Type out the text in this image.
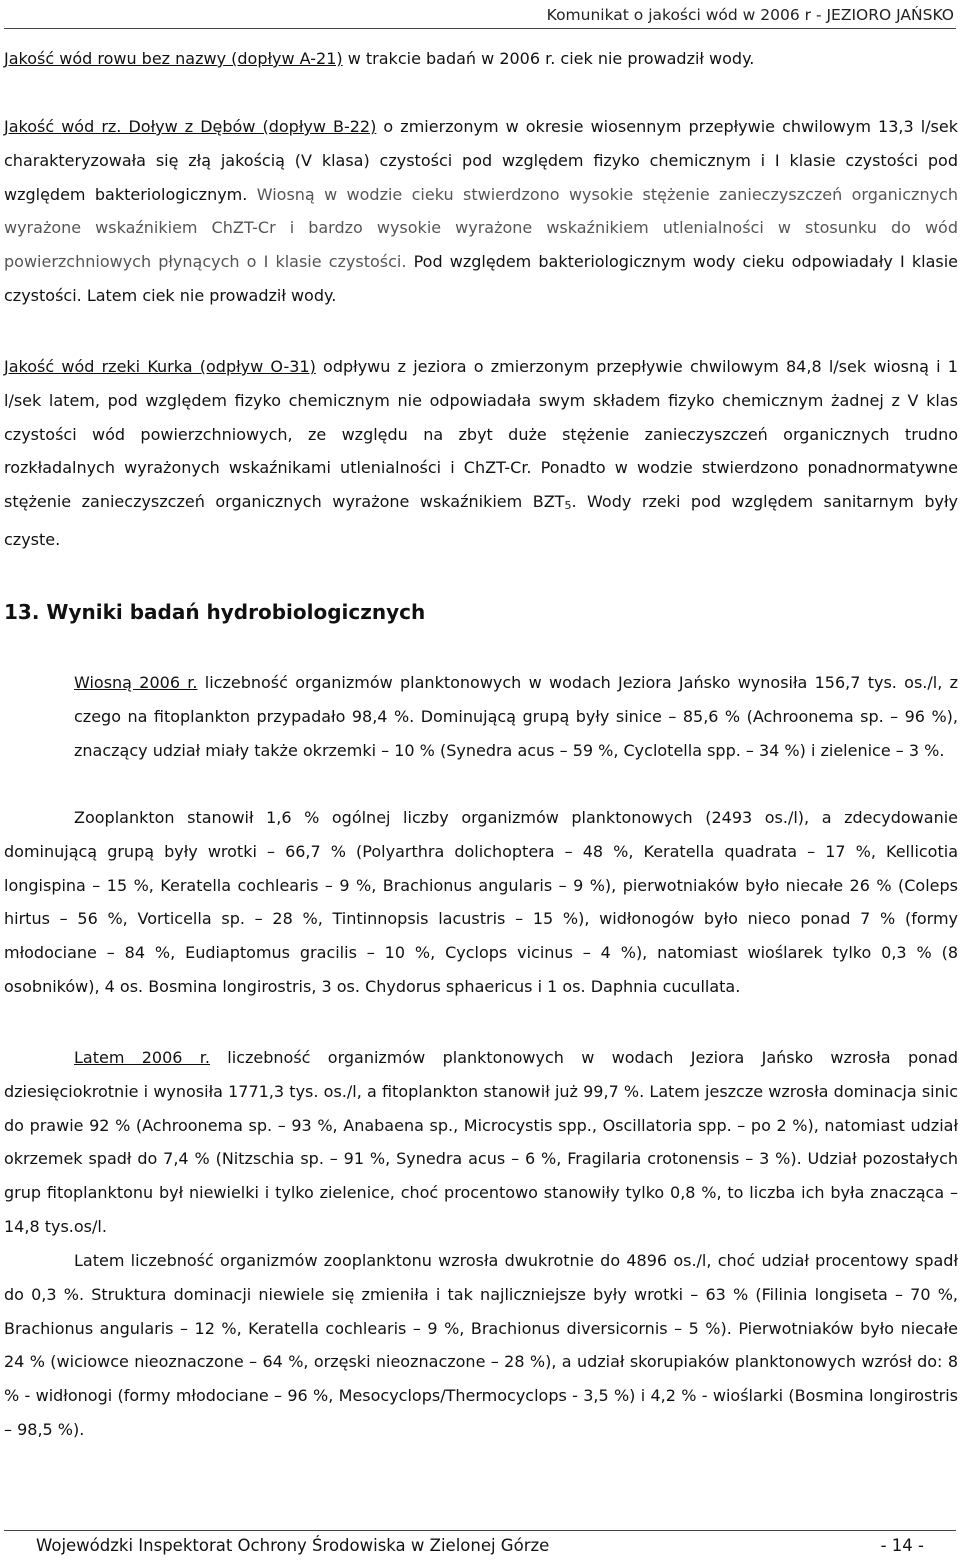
Komunikat o jakości wód w 2006 r - JEZIORO JAŃSKO

Jakość wód rowu bez nazwy (dopływ A-21) w trakcie badań w 2006 r. ciek nie prowadził wody.

Jakość wód rz. Doływ z Dębów (dopływ B-22) o zmierzonym w okresie wiosennym przepływie chwilowym 13,3 l/sek charakteryzowała się złą jakością (V klasa) czystości pod względem fizyko chemicznym i I klasie czystości pod względem bakteriologicznym. Wiosną w wodzie cieku stwierdzono wysokie stężenie zanieczyszczeń organicznych wyrażone wskaźnikiem ChZT-Cr i bardzo wysokie wyrażone wskaźnikiem utlenialności w stosunku do wód powierzchniowych płynących o I klasie czystości. Pod względem bakteriologicznym wody cieku odpowiadały I klasie czystości. Latem ciek nie prowadził wody.

Jakość wód rzeki Kurka (odpływ O-31) odpływu z jeziora o zmierzonym przepływie chwilowym 84,8 l/sek wiosną i 1 l/sek latem, pod względem fizyko chemicznym nie odpowiadała swym składem fizyko chemicznym żadnej z V klas czystości wód powierzchniowych, ze względu na zbyt duże stężenie zanieczyszczeń organicznych trudno rozkładalnych wyrażonych wskaźnikami utlenialności i ChZT-Cr. Ponadto w wodzie stwierdzono ponadnormatywne stężenie zanieczyszczeń organicznych wyrażone wskaźnikiem $BZT_5$. Wody rzeki pod względem sanitarnym były czyste.

13. Wyniki badań hydrobiologicznych

Wiosną 2006 r. liczebność organizmów planktonowych w wodach Jeziora Jańsko wynosiła 156,7 tys. os./l, z czego na fitoplankton przypadało 98,4 %. Dominującą grupą były sinice – 85,6 % (Achroonema sp. – 96 %), znaczący udział miały także okrzemki – 10 % (Synedra acus – 59 %, Cyclotella spp. – 34 %) i zielenice – 3 %.

Zooplankton stanowił 1,6 % ogólnej liczby organizmów planktonowych (2493 os./l), a zdecydowanie dominującą grupą były wrotki – 66,7 % (Polyarthra dolichoptera – 48 %, Keratella quadrata – 17 %, Kellicotia longispina – 15 %, Keratella cochlearis – 9 %, Brachionus angularis – 9 %), pierwotniaków było niecałe 26 % (Coleps hirtus – 56 %, Vorticella sp. – 28 %, Tintinnopsis lacustris – 15 %), widłonogów było nieco ponad 7 % (formy młodociane – 84 %, Eudiaptomus gracilis – 10 %, Cyclops vicinus – 4 %), natomiast wioślarek tylko 0,3 % (8 osobników), 4 os. Bosmina longirostris, 3 os. Chydorus sphaericus i 1 os. Daphnia cucullata.

Latem 2006 r. liczebność organizmów planktonowych w wodach Jeziora Jańsko wzrosła ponad dziesięciokrotnie i wynosiła 1771,3 tys. os./l, a fitoplankton stanowił już 99,7 %. Latem jeszcze wzrosła dominacja sinic do prawie 92 % (Achroonema sp. – 93 %, Anabaena sp., Microcystis spp., Oscillatoria spp. – po 2 %), natomiast udział okrzemek spadł do 7,4 % (Nitzschia sp. – 91 %, Synedra acus – 6 %, Fragilaria crotonensis – 3 %). Udział pozostałych grup fitoplanktonu był niewielki i tylko zielenice, choć procentowo stanowiły tylko 0,8 %, to liczba ich była znacząca – 14,8 tys.os/l.

Latem liczebność organizmów zooplanktonu wzrosła dwukrotnie do 4896 os./l, choć udział procentowy spadł do 0,3 %. Struktura dominacji niewiele się zmieniła i tak najliczniejsze były wrotki – 63 % (Filinia longiseta – 70 %, Brachionus angularis – 12 %, Keratella cochlearis – 9 %, Brachionus diversicornis – 5 %). Pierwotniaków było niecałe 24 % (wiciowce nieoznaczone – 64 %, orzęski nieoznaczone – 28 %), a udział skorupiaków planktonowych wzrósł do: 8 % - widłonogi (formy młodociane – 96 %, Mesocyclops/Thermocyclops - 3,5 %) i 4,2 % - wioślarki (Bosmina longirostris – 98,5 %).

Wojewódzki Inspektorat Ochrony Środowiska w Zielonej Górze	- 14 -
